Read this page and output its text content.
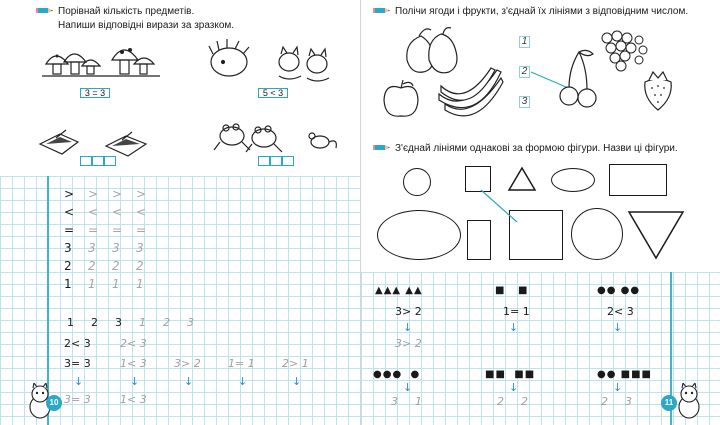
Порівнай кількість предметів.
Напиши відповідні вирази за зразком.
3 = 3	5 < 3
> > > >
< < < <
= = = =
3 3 3 3
2 2 2 2
1 1 1 1
1 2 3 1 2 3
2< 3	2< 3
3= 3	1< 3 3> 2 1= 1 2> 1
↓	↓	↓	↓	↓
3= 3	1< 3
10
Полічи ягоди і фрукти, з'єднай їх лініями з відповідним числом.
1
2
3
З'єднай лініями однакові за формою фігури. Назви ці фігури.
▲▲▲ ▲▲	■   ■	●● ●●
3> 2	1= 1	2< 3
↓	↓	↓
3> 2
●●●  ●	■■  ■■	●● ■■■
↓	↓	↓
3 1	2 2	2 3	11
